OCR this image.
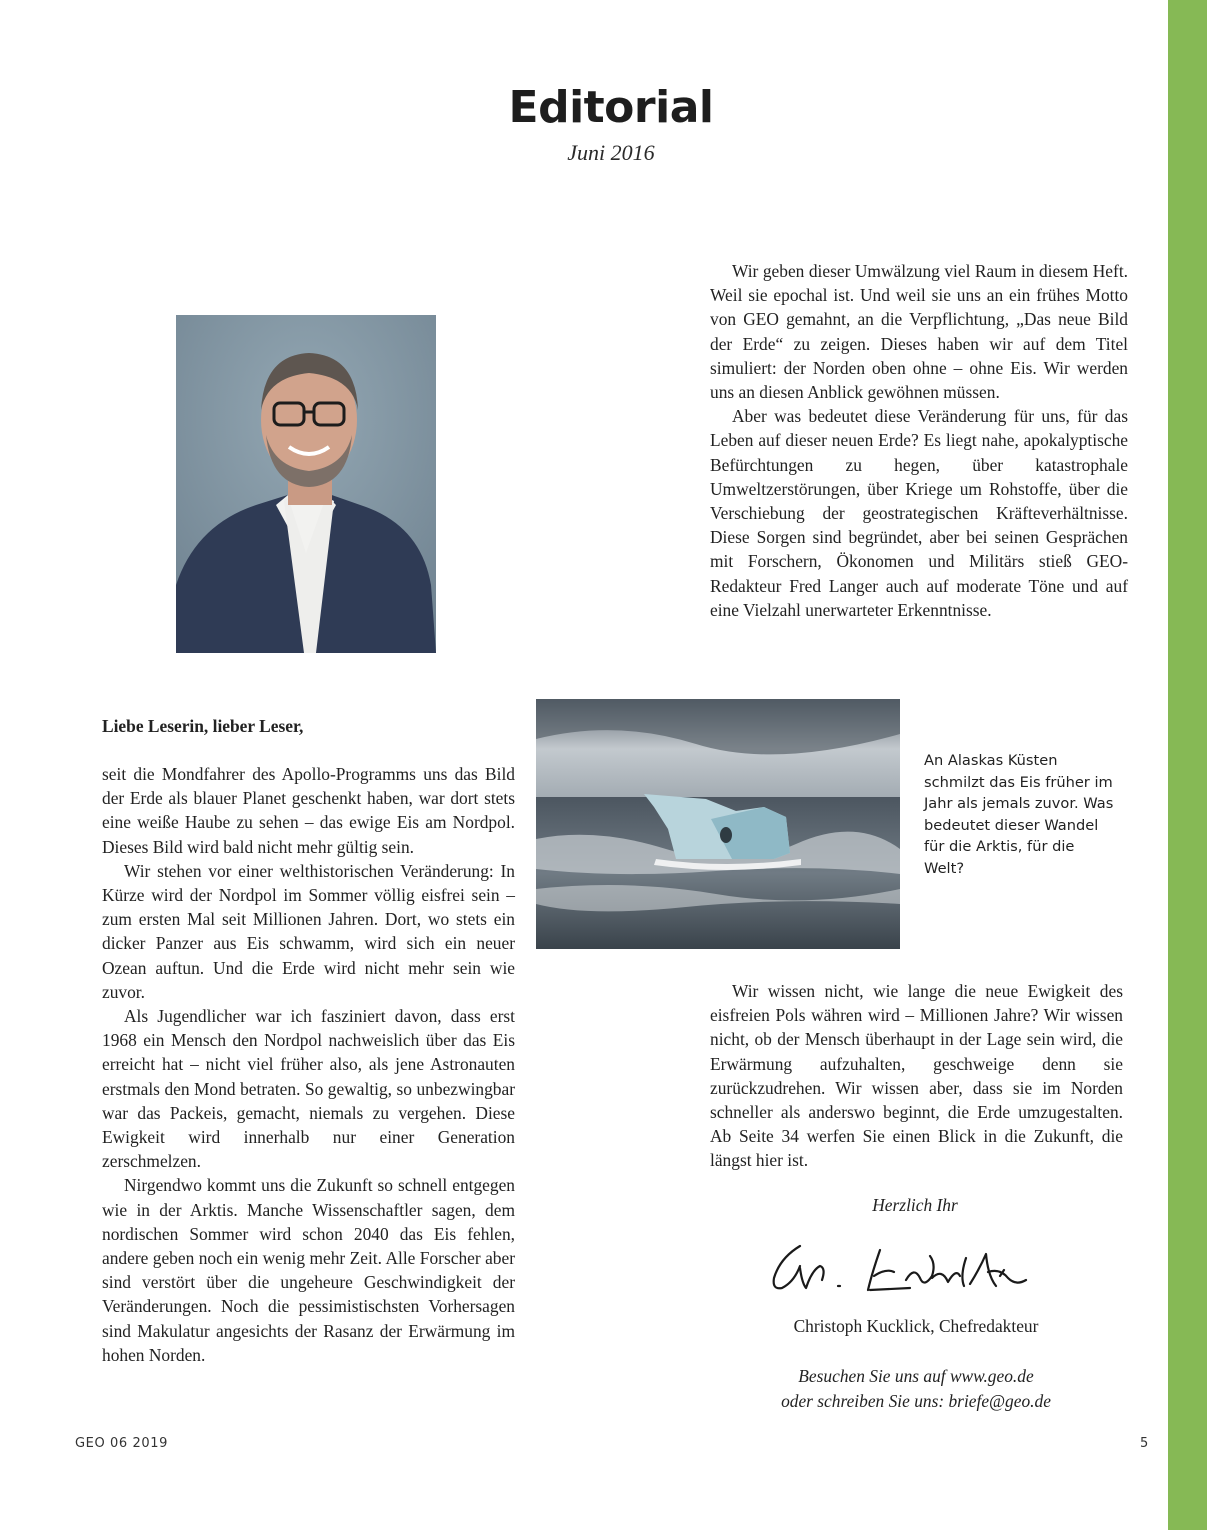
Editorial
Juni 2016

Wir geben dieser Umwälzung viel Raum in diesem Heft. Weil sie epochal ist. Und weil sie uns an ein frühes Motto von GEO gemahnt, an die Verpflichtung, „Das neue Bild der Erde“ zu zeigen. Dieses haben wir auf dem Titel simuliert: der Norden oben ohne – ohne Eis. Wir werden uns an diesen Anblick gewöhnen müssen.

Aber was bedeutet diese Veränderung für uns, für das Leben auf dieser neuen Erde? Es liegt nahe, apokalyptische Befürchtungen zu hegen, über katastrophale Umweltzerstörungen, über Kriege um Rohstoffe, über die Verschiebung der geostrategischen Kräfteverhältnisse. Diese Sorgen sind begründet, aber bei seinen Gesprächen mit Forschern, Ökonomen und Militärs stieß GEO-Redakteur Fred Langer auch auf moderate Töne und auf eine Vielzahl unerwarteter Erkenntnisse.

Liebe Leserin, lieber Leser,

seit die Mondfahrer des Apollo-Programms uns das Bild der Erde als blauer Planet geschenkt haben, war dort stets eine weiße Haube zu sehen – das ewige Eis am Nordpol. Dieses Bild wird bald nicht mehr gültig sein.

Wir stehen vor einer welthistorischen Veränderung: In Kürze wird der Nordpol im Sommer völlig eisfrei sein – zum ersten Mal seit Millionen Jahren. Dort, wo stets ein dicker Panzer aus Eis schwamm, wird sich ein neuer Ozean auftun. Und die Erde wird nicht mehr sein wie zuvor.

Als Jugendlicher war ich fasziniert davon, dass erst 1968 ein Mensch den Nordpol nachweislich über das Eis erreicht hat – nicht viel früher also, als jene Astronauten erstmals den Mond betraten. So gewaltig, so unbezwingbar war das Packeis, gemacht, niemals zu vergehen. Diese Ewigkeit wird innerhalb nur einer Generation zerschmelzen.

Nirgendwo kommt uns die Zukunft so schnell entgegen wie in der Arktis. Manche Wissenschaftler sagen, dem nordischen Sommer wird schon 2040 das Eis fehlen, andere geben noch ein wenig mehr Zeit. Alle Forscher aber sind verstört über die ungeheure Geschwindigkeit der Veränderungen. Noch die pessimistischsten Vorhersagen sind Makulatur angesichts der Rasanz der Erwärmung im hohen Norden.

An Alaskas Küsten schmilzt das Eis früher im Jahr als jemals zuvor. Was bedeutet dieser Wandel für die Arktis, für die Welt?

Wir wissen nicht, wie lange die neue Ewigkeit des eisfreien Pols währen wird – Millionen Jahre? Wir wissen nicht, ob der Mensch überhaupt in der Lage sein wird, die Erwärmung aufzuhalten, geschweige denn sie zurückzudrehen. Wir wissen aber, dass sie im Norden schneller als anderswo beginnt, die Erde umzugestalten. Ab Seite 34 werfen Sie einen Blick in die Zukunft, die längst hier ist.

Herzlich Ihr
Christoph Kucklick, Chefredakteur
Besuchen Sie uns auf www.geo.de
oder schreiben Sie uns: briefe@geo.de
GEO 06 2019	5
